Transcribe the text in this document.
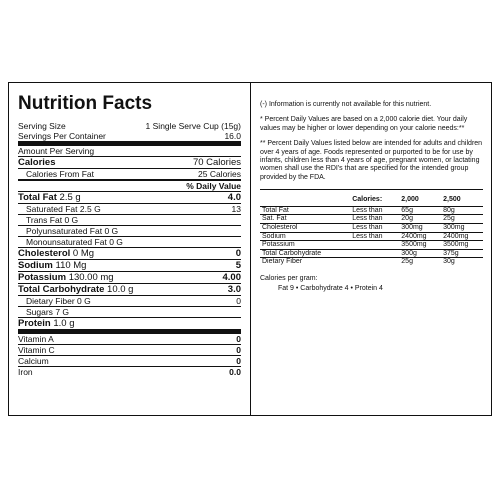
Nutrition Facts
Serving Size	1 Single Serve Cup (15g)
Servings Per Container	16.0
Amount Per Serving
Calories	70 Calories
Calories From Fat	25 Calories
% Daily Value
Total Fat 2.5 g	4.0
Saturated Fat 2.5 G	13
Trans Fat 0 G
Polyunsaturated Fat 0 G
Monounsaturated Fat 0 G
Cholesterol 0 Mg	0
Sodium 110 Mg	5
Potassium 130.00 mg	4.00
Total Carbohydrate 10.0 g	3.0
Dietary Fiber 0 G	0
Sugars 7 G
Protein 1.0 g
Vitamin A	0
Vitamin C	0
Calcium	0
Iron	0.0

(-) Information is currently not available for this nutrient.

* Percent Daily Values are based on a 2,000 calorie diet. Your daily values may be higher or lower depending on your calorie needs:**

** Percent Daily Values listed below are intended for adults and children over 4 years of age. Foods represented or purported to be for use by infants, children less than 4 years of age, pregnant women, or lactating women shall use the RDI's that are specified for the intended group provided by the FDA.

	Calories:	2,000	2,500
Total Fat	Less than	65g	80g
Sat. Fat	Less than	20g	25g
Cholesterol	Less than	300mg	300mg
Sodium	Less than	2400mg	2400mg
Potassium		3500mg	3500mg
Total Carbohydrate		300g	375g
Dietary Fiber		25g	30g
Calories per gram:
Fat 9 • Carbohydrate 4 • Protein 4
